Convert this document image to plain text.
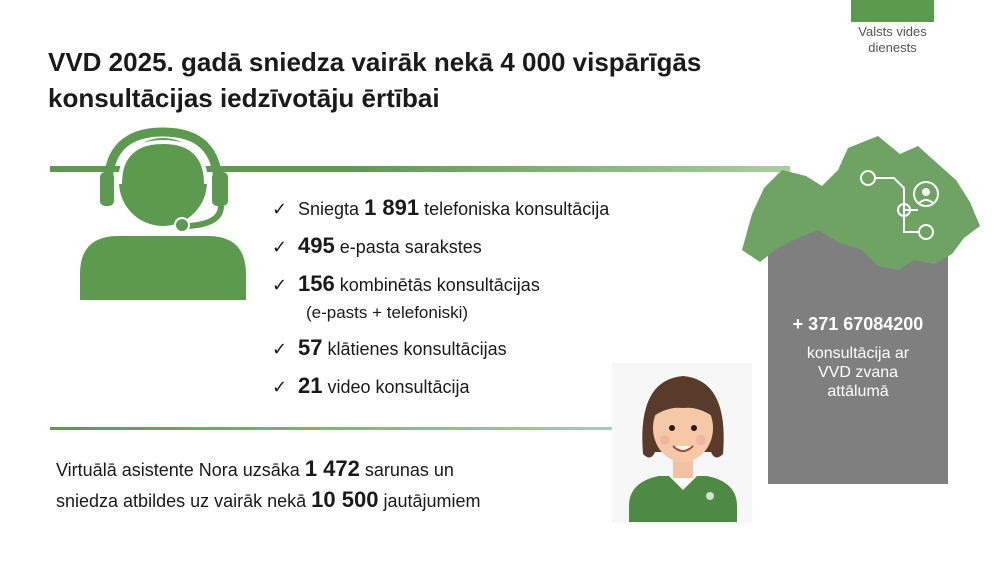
Valsts vides dienests
VVD 2025. gadā sniedza vairāk nekā 4 000 vispārīgās konsultācijas iedzīvotāju ērtībai
✓ Sniegta 1 891 telefoniska konsultācija
✓ 495 e-pasta sarakstes
✓ 156 kombinētās konsultācijas
(e-pasts + telefoniski)
✓ 57 klātienes konsultācijas
✓ 21 video konsultācija
Virtuālā asistente Nora uzsāka 1 472 sarunas un
sniedza atbildes uz vairāk nekā 10 500 jautājumiem
+ 371 67084200
konsultācija ar
VVD zvana
attālumā
